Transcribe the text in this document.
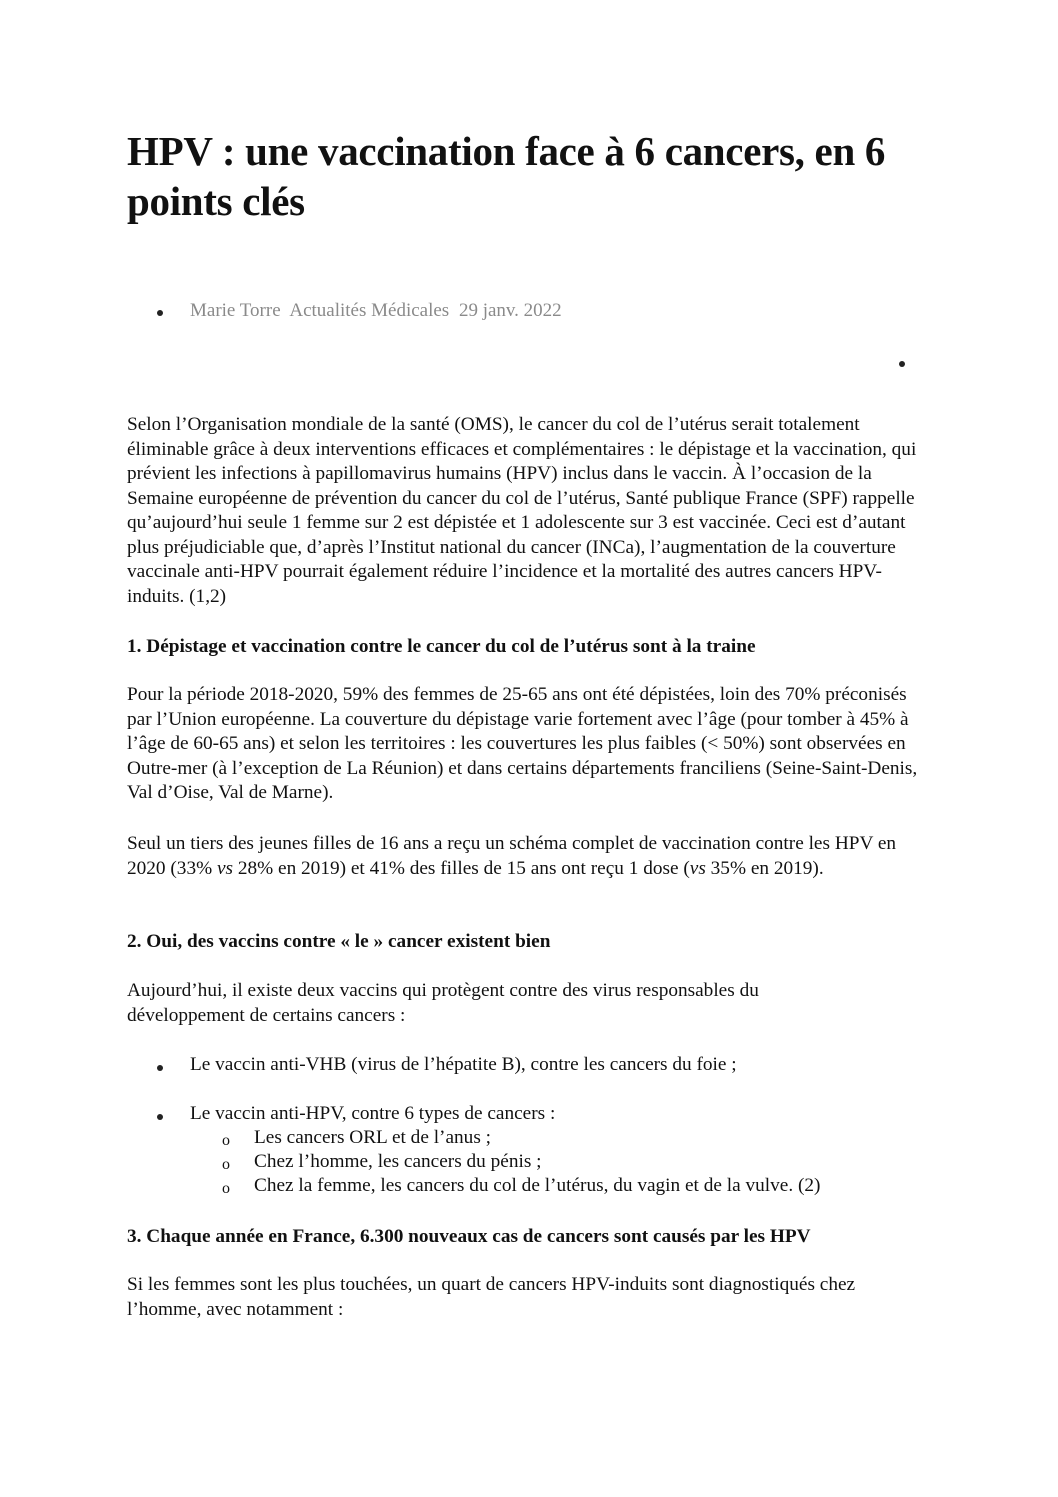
HPV : une vaccination face à 6 cancers, en 6 points clés

Marie Torre Actualités Médicales 29 janv. 2022

Selon l’Organisation mondiale de la santé (OMS), le cancer du col de l’utérus serait totalement éliminable grâce à deux interventions efficaces et complémentaires : le dépistage et la vaccination, qui prévient les infections à papillomavirus humains (HPV) inclus dans le vaccin. À l’occasion de la Semaine européenne de prévention du cancer du col de l’utérus, Santé publique France (SPF) rappelle qu’aujourd’hui seule 1 femme sur 2 est dépistée et 1 adolescente sur 3 est vaccinée. Ceci est d’autant plus préjudiciable que, d’après l’Institut national du cancer (INCa), l’augmentation de la couverture vaccinale anti-HPV pourrait également réduire l’incidence et la mortalité des autres cancers HPV-induits. (1,2)

1. Dépistage et vaccination contre le cancer du col de l’utérus sont à la traine

Pour la période 2018-2020, 59% des femmes de 25-65 ans ont été dépistées, loin des 70% préconisés par l’Union européenne. La couverture du dépistage varie fortement avec l’âge (pour tomber à 45% à l’âge de 60-65 ans) et selon les territoires : les couvertures les plus faibles (< 50%) sont observées en Outre-mer (à l’exception de La Réunion) et dans certains départements franciliens (Seine-Saint-Denis, Val d’Oise, Val de Marne).

Seul un tiers des jeunes filles de 16 ans a reçu un schéma complet de vaccination contre les HPV en 2020 (33% vs 28% en 2019) et 41% des filles de 15 ans ont reçu 1 dose (vs 35% en 2019).

2. Oui, des vaccins contre « le » cancer existent bien

Aujourd’hui, il existe deux vaccins qui protègent contre des virus responsables du développement de certains cancers :

Le vaccin anti-VHB (virus de l’hépatite B), contre les cancers du foie ;

Le vaccin anti-HPV, contre 6 types de cancers :

o Les cancers ORL et de l’anus ;

o Chez l’homme, les cancers du pénis ;

o Chez la femme, les cancers du col de l’utérus, du vagin et de la vulve. (2)

3. Chaque année en France, 6.300 nouveaux cas de cancers sont causés par les HPV

Si les femmes sont les plus touchées, un quart de cancers HPV-induits sont diagnostiqués chez l’homme, avec notamment :
